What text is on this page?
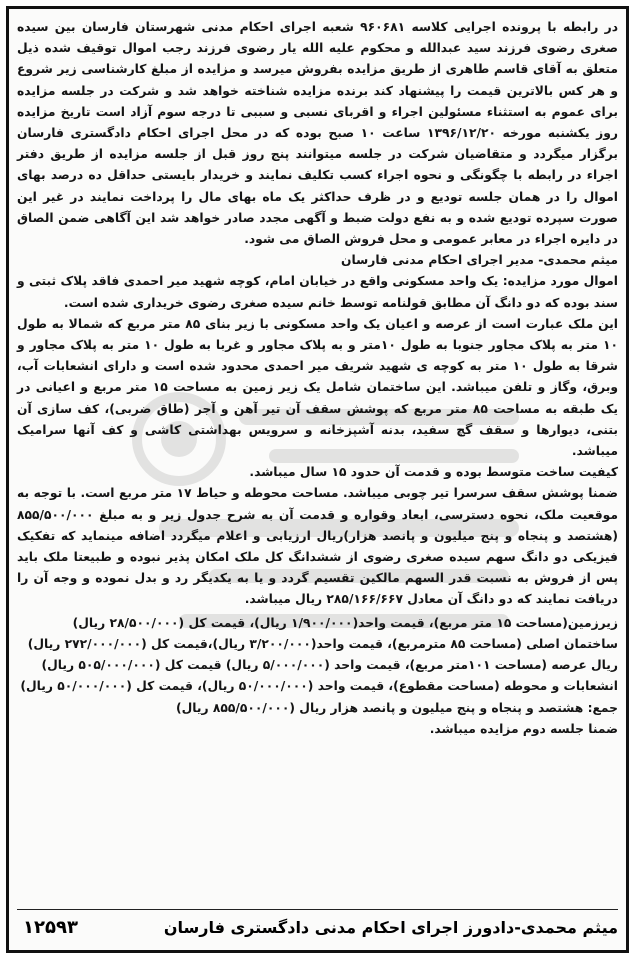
در رابطه با پرونده اجرایی کلاسه ۹۶۰۶۸۱ شعبه اجرای احکام مدنی شهرستان فارسان بین سیده صغری رضوی فرزند سید عبدالله و محکوم علیه الله یار رضوی فرزند رجب اموال توقیف شده ذیل متعلق به آقای قاسم طاهری از طریق مزایده بفروش میرسد و مزایده از مبلغ کارشناسی زیر شروع و هر کس بالاترین قیمت را پیشنهاد کند برنده مزایده شناخته خواهد شد و شرکت در جلسه مزایده برای عموم به استثناء مسئولین اجراء و اقربای نسبی و سببی تا درجه سوم آزاد است تاریخ مزایده روز یکشنبه مورخه ۱۳۹۶/۱۲/۲۰ ساعت ۱۰ صبح بوده که در محل اجرای احکام دادگستری فارسان برگزار میگردد و متقاضیان شرکت در جلسه میتوانند پنج روز قبل از جلسه مزایده از طریق دفتر اجراء در رابطه با چگونگی و نحوه اجراء کسب تکلیف نمایند و خریدار بایستی حداقل ده درصد بهای اموال را در همان جلسه تودیع و در ظرف حداکثر یک ماه بهای مال را پرداخت نمایند در غیر این صورت سپرده تودیع شده و به نفع دولت ضبط و آگهی مجدد صادر خواهد شد این آگاهی ضمن الصاق در دایره اجراء در معابر عمومی و محل فروش الصاق می شود.

میثم محمدی- مدیر اجرای احکام مدنی فارسان

اموال مورد مزایده: یک واحد مسکونی واقع در خیابان امام، کوچه شهید میر احمدی فاقد پلاک ثبتی و سند بوده که دو دانگ آن مطابق قولنامه توسط خانم سیده صغری رضوی خریداری شده است.

این ملک عبارت است از عرصه و اعیان یک واحد مسکونی با زیر بنای ۸۵ متر مربع که شمالا به طول ۱۰ متر به پلاک مجاور جنوبا به طول ۱۰متر و به پلاک مجاور و غربا به طول ۱۰ متر به پلاک مجاور و شرقا به طول ۱۰ متر به کوچه ی شهید شریف میر احمدی محدود شده است و دارای انشعابات آب، وبرق، وگاز و تلفن میباشد. این ساختمان شامل یک زیر زمین به مساحت ۱۵ متر مربع و اعیانی در یک طبقه به مساحت ۸۵ متر مربع که پوشش سقف آن تیر آهن و آجر (طاق ضربی)، کف سازی آن بتنی، دیوارها و سقف گچ سفید، بدنه آشپزخانه و سرویس بهداشتی کاشی و کف آنها سرامیک میباشد.

کیفیت ساخت متوسط بوده و قدمت آن حدود ۱۵ سال میباشد.

ضمنا پوشش سقف سرسرا تیر چوبی میباشد. مساحت محوطه و حیاط ۱۷ متر مربع است. با توجه به موقعیت ملک، نحوه دسترسی، ابعاد وقواره و قدمت آن به شرح جدول زیر و به مبلغ ۸۵۵/۵۰۰/۰۰۰ (هشتصد و پنجاه و پنج میلیون و پانصد هزار)ریال ارزیابی و اعلام میگردد اضافه مینماید که تفکیک فیزیکی دو دانگ سهم سیده صغری رضوی از ششدانگ کل ملک امکان پذیر نبوده و طبیعتا ملک باید پس از فروش به نسبت قدر السهم مالکین تقسیم گردد و یا به یکدیگر رد و بدل نموده و وجه آن را دریافت نمایند که دو دانگ آن معادل ۲۸۵/۱۶۶/۶۶۷ ریال میباشد.

زیرزمین(مساحت ۱۵ متر مربع)، قیمت واحد(۱/۹۰۰/۰۰۰ ریال)، قیمت کل (۲۸/۵۰۰/۰۰۰ ریال)

ساختمان اصلی (مساحت ۸۵ مترمربع)، قیمت واحد(۳/۲۰۰/۰۰۰ ریال)،قیمت کل (۲۷۲/۰۰۰/۰۰۰ ریال)

ریال عرصه (مساحت ۱۰۱متر مربع)، قیمت واحد (۵/۰۰۰/۰۰۰ ریال) قیمت کل (۵۰۵/۰۰۰/۰۰۰ ریال)

انشعابات و محوطه (مساحت مقطوع)، قیمت واحد (۵۰/۰۰۰/۰۰۰ ریال)، قیمت کل (۵۰/۰۰۰/۰۰۰ ریال)

جمع: هشتصد و پنجاه و پنج میلیون و پانصد هزار ریال (۸۵۵/۵۰۰/۰۰۰ ریال)

ضمنا جلسه دوم مزایده میباشد.

میثم محمدی-دادورز اجرای احکام مدنی دادگستری فارسان
۱۲۵۹۳
